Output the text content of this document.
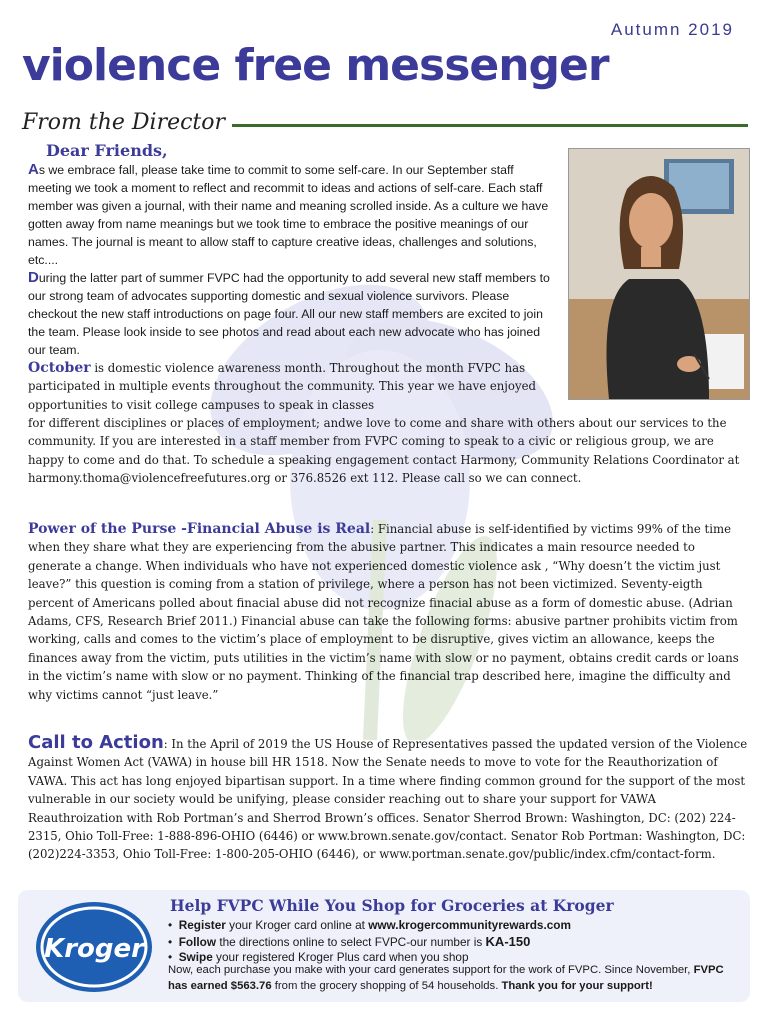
Autumn 2019
violence free messenger
From the Director
Dear Friends,

As we embrace fall, please take time to commit to some self-care. In our September staff meeting we took a moment to reflect and recommit to ideas and actions of self-care. Each staff member was given a journal, with their name and meaning scrolled inside. As a culture we have gotten away from name meanings but we took time to embrace the positive meanings of our names. The journal is meant to allow staff to capture creative ideas, challenges and solutions, etc....

During the latter part of summer FVPC had the opportunity to add several new staff members to our strong team of advocates supporting domestic and sexual violence survivors. Please checkout the new staff introductions on page four. All our new staff members are excited to join the team. Please look inside to see photos and read about each new advocate who has joined our team.

October is domestic violence awareness month. Throughout the month FVPC has participated in multiple events throughout the community. This year we have enjoyed opportunities to visit college campuses to speak in classes

for different disciplines or places of employment; andwe love to come and share with others about our services to the community. If you are interested in a staff member from FVPC coming to speak to a civic or religious group, we are happy to come and do that. To schedule a speaking engagement contact Harmony, Community Relations Coordinator at harmony.thoma@violencefreefutures.org or 376.8526 ext 112. Please call so we can connect.

Power of the Purse -Financial Abuse is Real: Financial abuse is self-identified by victims 99% of the time when they share what they are experiencing from the abusive partner. This indicates a main resource needed to generate a change. When individuals who have not experienced domestic violence ask , “Why doesn’t the victim just leave?” this question is coming from a station of privilege, where a person has not been victimized. Seventy-eigth percent of Americans polled about finacial abuse did not recognize finacial abuse as a form of domestic abuse. (Adrian Adams, CFS, Research Brief 2011.) Financial abuse can take the following forms: abusive partner prohibits victim from working, calls and comes to the victim’s place of employment to be disruptive, gives victim an allowance, keeps the finances away from the victim, puts utilities in the victim’s name with slow or no payment, obtains credit cards or loans in the victim’s name with slow or no payment. Thinking of the financial trap described here, imagine the difficulty and why victims cannot “just leave.”

Call to Action: In the April of 2019 the US House of Representatives passed the updated version of the Violence Against Women Act (VAWA) in house bill HR 1518. Now the Senate needs to move to vote for the Reauthorization of VAWA. This act has long enjoyed bipartisan support. In a time where finding common ground for the support of the most vulnerable in our society would be unifying, please consider reaching out to share your support for VAWA Reauthroization with Rob Portman’s and Sherrod Brown’s offices. Senator Sherrod Brown: Washington, DC: (202) 224-2315, Ohio Toll-Free: 1-888-896-OHIO (6446) or www.brown.senate.gov/contact. Senator Rob Portman: Washington, DC: (202)224-3353, Ohio Toll-Free: 1-800-205-OHIO (6446), or www.portman.senate.gov/public/index.cfm/contact-form.

Kroger
Help FVPC While You Shop for Groceries at Kroger
•  Register your Kroger card online at www.krogercommunityrewards.com
•  Follow the directions online to select FVPC-our number is KA-150
•  Swipe your registered Kroger Plus card when you shop

Now, each purchase you make with your card generates support for the work of FVPC. Since November, FVPC has earned $563.76 from the grocery shopping of 54 households. Thank you for your support!
